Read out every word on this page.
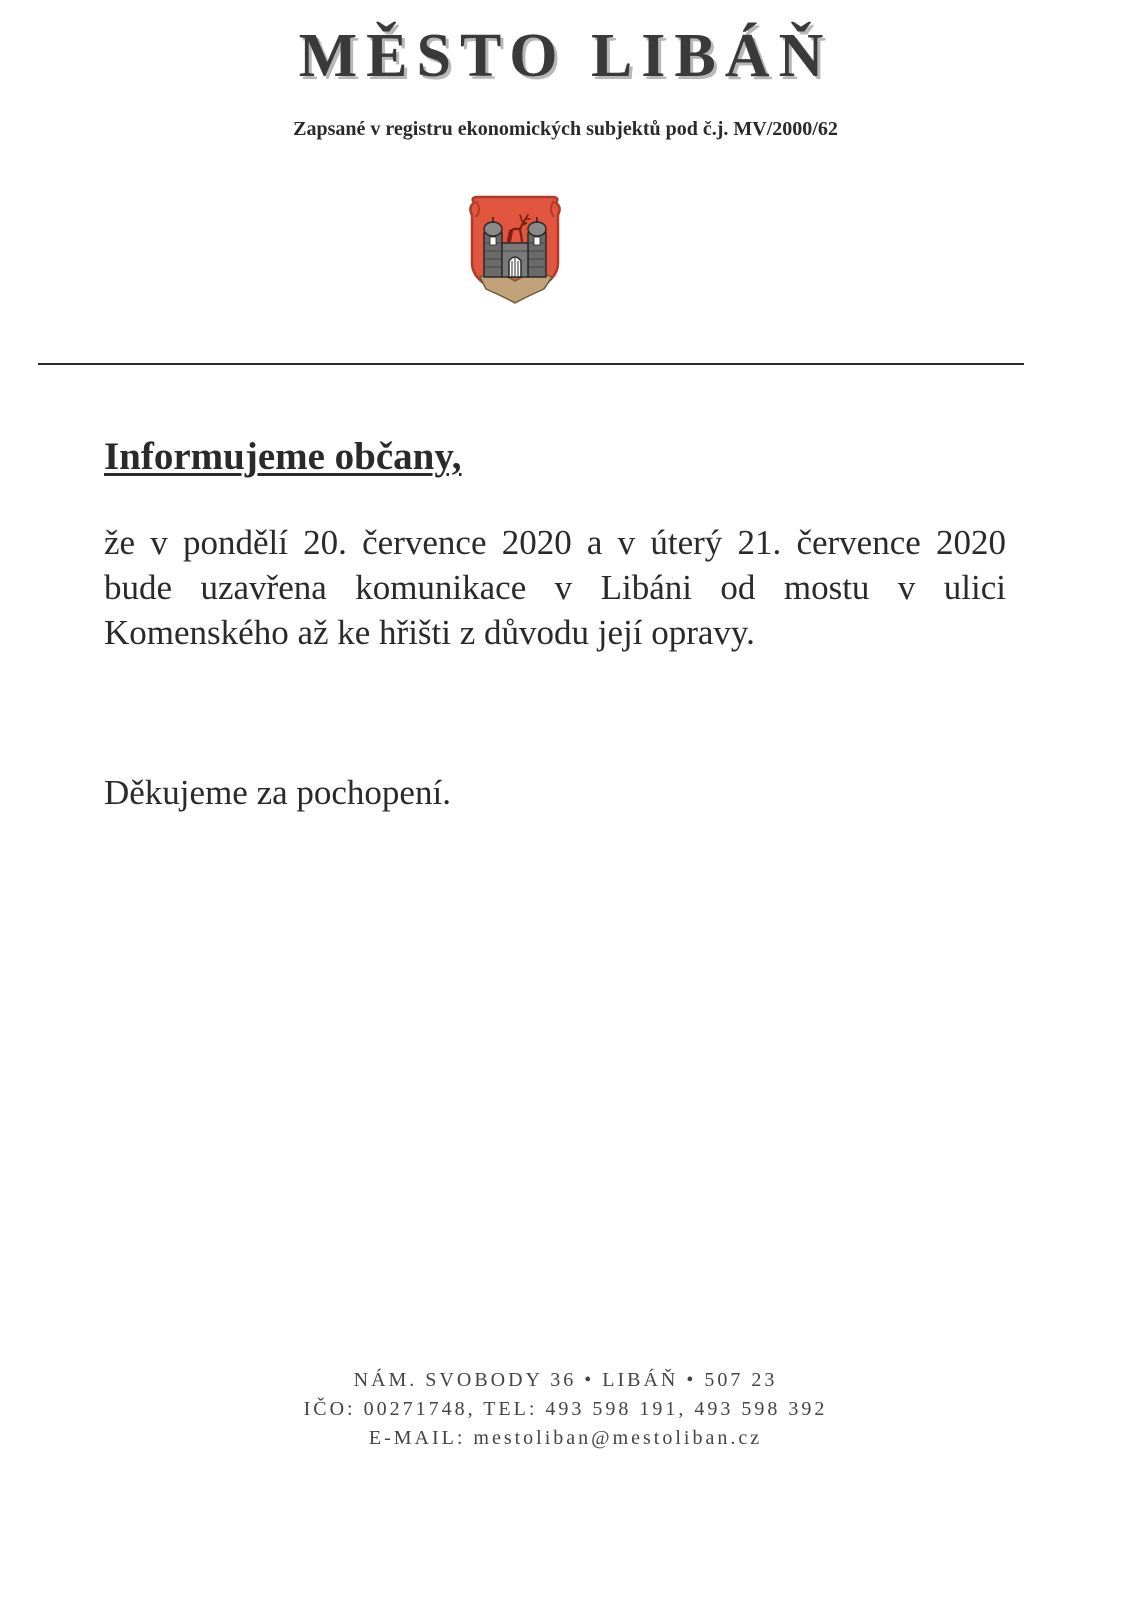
MĚSTO LIBÁŇ
Zapsané v registru ekonomických subjektů pod č.j. MV/2000/62
Informujeme občany,
že v pondělí 20. července 2020 a v úterý 21. července 2020
bude uzavřena komunikace v Libáni od mostu v ulici
Komenského až ke hřišti z důvodu její opravy.
Děkujeme za pochopení.
NÁM. SVOBODY 36 • LIBÁŇ • 507 23
IČO: 00271748, TEL: 493 598 191, 493 598 392
E-MAIL: mestoliban@mestoliban.cz
